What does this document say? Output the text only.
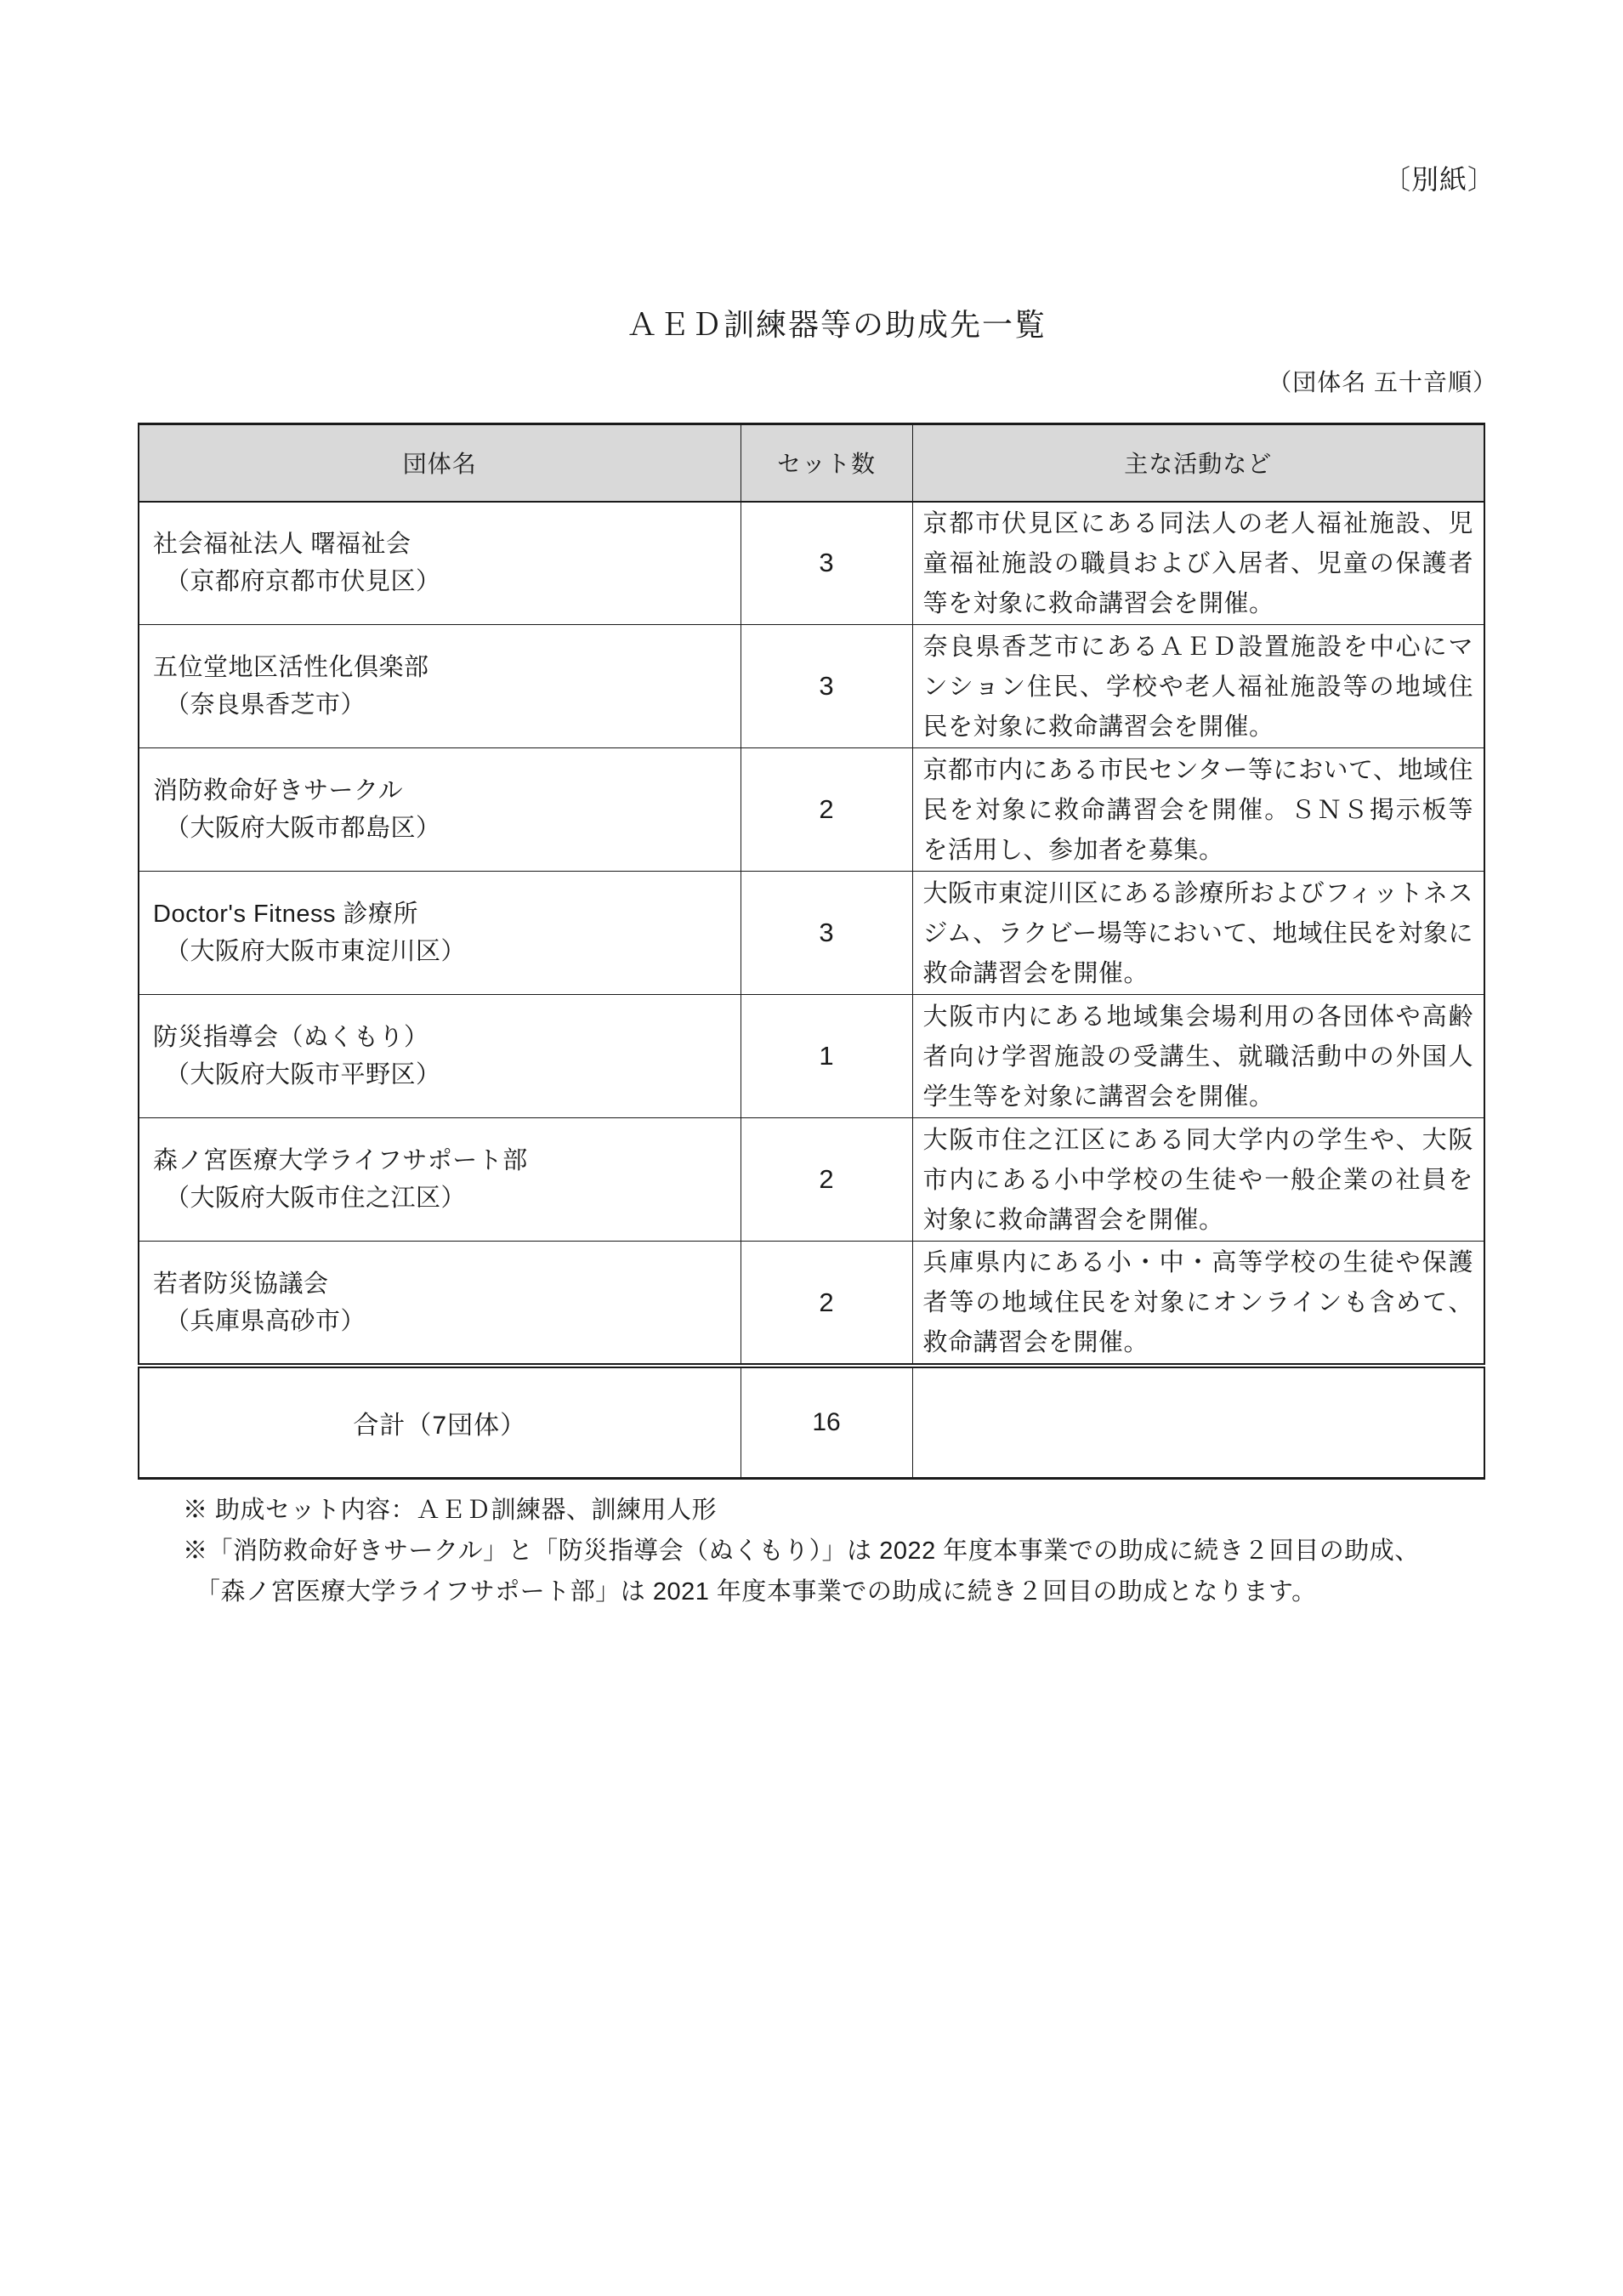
〔別紙〕
ＡＥＤ訓練器等の助成先一覧
（団体名 五十音順）
団体名	セット数	主な活動など
社会福祉法人 曙福祉会
（京都府京都市伏見区）	3	京都市伏見区にある同法人の老人福祉施設、児童福祉施設の職員および入居者、児童の保護者等を対象に救命講習会を開催。
五位堂地区活性化倶楽部
（奈良県香芝市）	3	奈良県香芝市にあるＡＥＤ設置施設を中心にマンション住民、学校や老人福祉施設等の地域住民を対象に救命講習会を開催。
消防救命好きサークル
（大阪府大阪市都島区）	2	京都市内にある市民センター等において、地域住民を対象に救命講習会を開催。ＳＮＳ掲示板等を活用し、参加者を募集。
Doctor's Fitness 診療所
（大阪府大阪市東淀川区）	3	大阪市東淀川区にある診療所およびフィットネスジム、ラクビー場等において、地域住民を対象に救命講習会を開催。
防災指導会（ぬくもり）
（大阪府大阪市平野区）	1	大阪市内にある地域集会場利用の各団体や高齢者向け学習施設の受講生、就職活動中の外国人学生等を対象に講習会を開催。
森ノ宮医療大学ライフサポート部
（大阪府大阪市住之江区）	2	大阪市住之江区にある同大学内の学生や、大阪市内にある小中学校の生徒や一般企業の社員を対象に救命講習会を開催。
若者防災協議会
（兵庫県高砂市）	2	兵庫県内にある小・中・高等学校の生徒や保護者等の地域住民を対象にオンラインも含めて、救命講習会を開催。
合計（7団体）	16	
※ 助成セット内容：ＡＥＤ訓練器、訓練用人形
※「消防救命好きサークル」と「防災指導会（ぬくもり）」は 2022 年度本事業での助成に続き２回目の助成、
　「森ノ宮医療大学ライフサポート部」は 2021 年度本事業での助成に続き２回目の助成となります。
